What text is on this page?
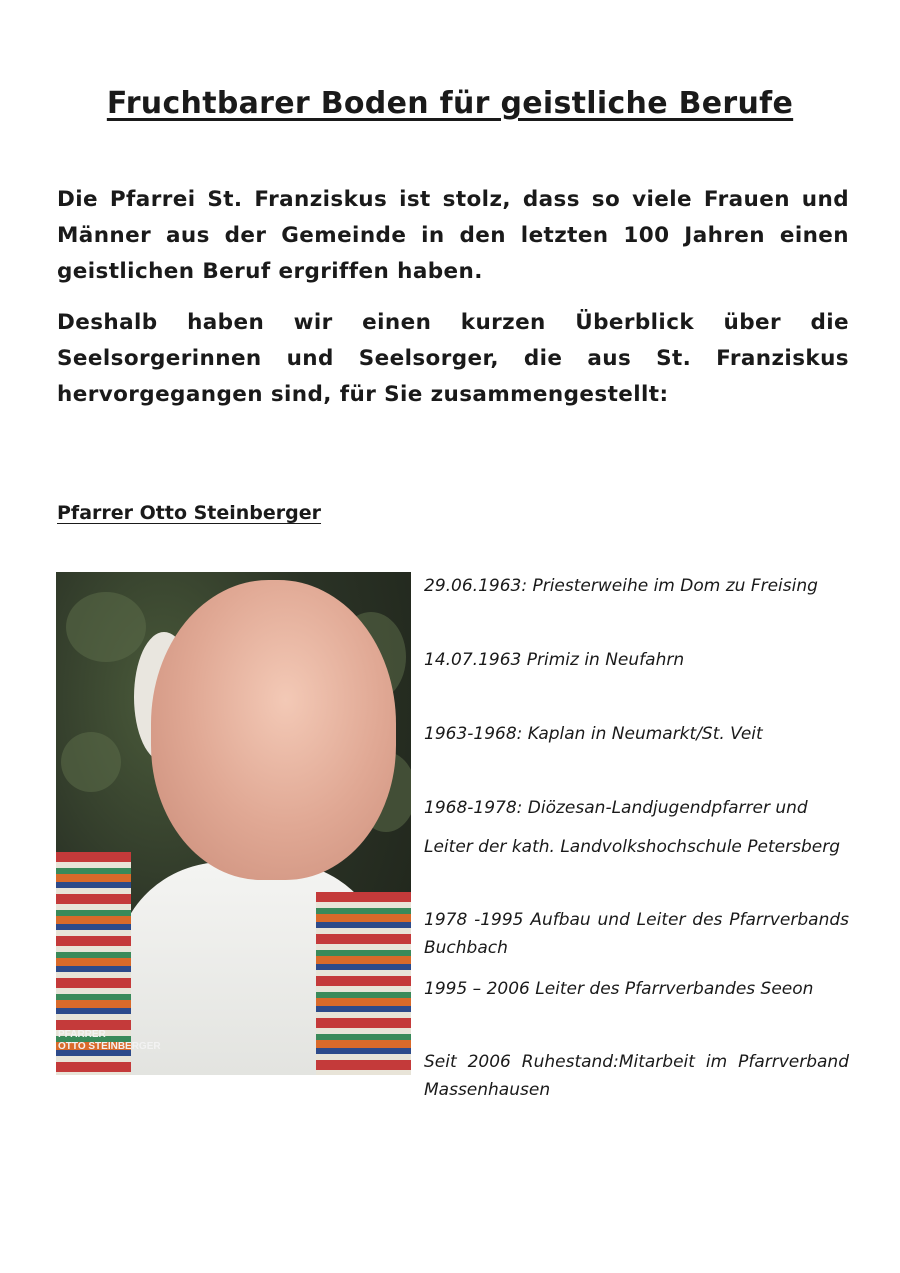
Fruchtbarer Boden für geistliche Berufe

Die Pfarrei St. Franziskus ist stolz, dass so viele Frauen und Männer aus der Gemeinde in den letzten 100 Jahren einen geistlichen Beruf ergriffen haben.

Deshalb haben wir einen kurzen Überblick über die Seelsorgerinnen und Seelsorger, die aus St. Franziskus hervorgegangen sind, für Sie zusammengestellt:

Pfarrer Otto Steinberger

PFARRER
OTTO STEINBERGER

29.06.1963: Priesterweihe im Dom zu Freising

14.07.1963 Primiz in Neufahrn

1963-1968: Kaplan in Neumarkt/St. Veit

1968-1978: Diözesan-Landjugendpfarrer und

Leiter der kath. Landvolkshochschule Petersberg

1978 -1995 Aufbau und Leiter des Pfarrverbands Buchbach

1995 – 2006 Leiter des Pfarrverbandes Seeon

Seit 2006 Ruhestand:Mitarbeit im Pfarrverband Massenhausen
